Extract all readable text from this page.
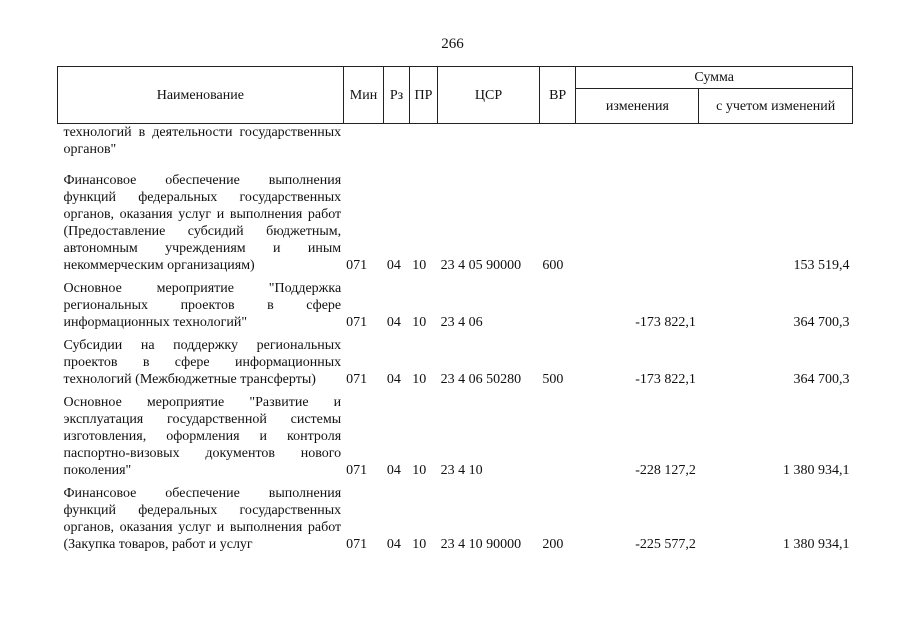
266
Наименование	Мин	Рз	ПР	ЦСР	ВР	Сумма	
						изменения	с учетом изменений
технологий в деятельности государственных органов"							
Финансовое обеспечение выполнения функций федеральных государственных органов, оказания услуг и выполнения работ (Предоставление субсидий бюджетным, автономным учреждениям и иным некоммерческим организациям)	071	04	10	23 4 05 90000	600		153 519,4
Основное мероприятие "Поддержка региональных проектов в сфере информационных технологий"	071	04	10	23 4 06		-173 822,1	364 700,3
Субсидии на поддержку региональных проектов в сфере информационных технологий (Межбюджетные трансферты)	071	04	10	23 4 06 50280	500	-173 822,1	364 700,3
Основное мероприятие "Развитие и эксплуатация государственной системы изготовления, оформления и контроля паспортно-визовых документов нового поколения"	071	04	10	23 4 10		-228 127,2	1 380 934,1
Финансовое обеспечение выполнения функций федеральных государственных органов, оказания услуг и выполнения работ (Закупка товаров, работ и услуг	071	04	10	23 4 10 90000	200	-225 577,2	1 380 934,1
